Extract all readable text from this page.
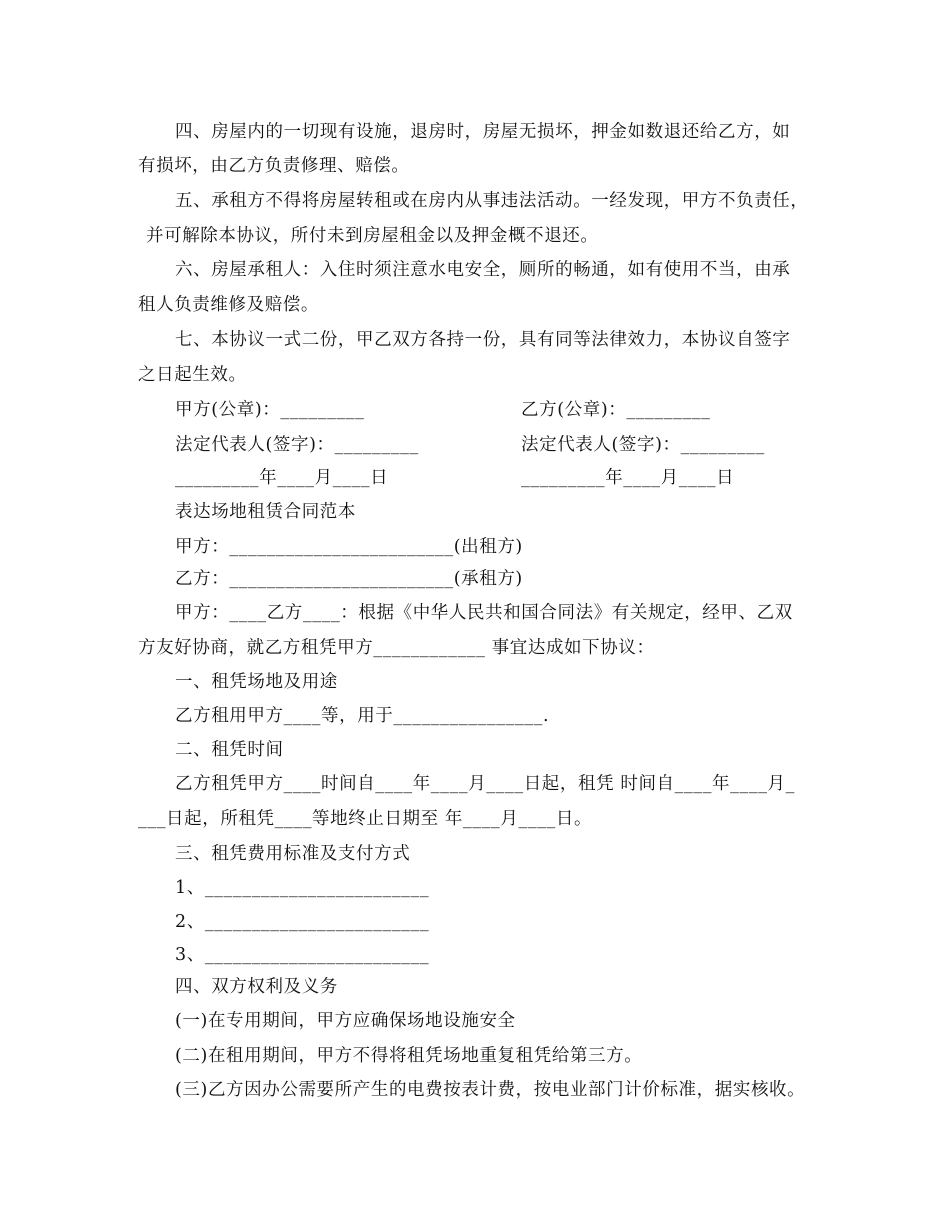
四、房屋内的一切现有设施，退房时，房屋无损坏，押金如数退还给乙方，如
有损坏，由乙方负责修理、赔偿。
五、承租方不得将房屋转租或在房内从事违法活动。一经发现，甲方不负责任，
并可解除本协议，所付未到房屋租金以及押金概不退还。
六、房屋承租人：入住时须注意水电安全，厕所的畅通，如有使用不当，由承
租人负责维修及赔偿。
七、本协议一式二份，甲乙双方各持一份，具有同等法律效力，本协议自签字
之日起生效。
甲方(公章)：_________	乙方(公章)：_________
法定代表人(签字)：_________	法定代表人(签字)：_________
_________年____月____日	_________年____月____日
表达场地租赁合同范本
甲方：________________________(出租方)
乙方：________________________(承租方)
甲方：____乙方____：根据《中华人民共和国合同法》有关规定，经甲、乙双
方友好协商，就乙方租凭甲方____________ 事宜达成如下协议：
一、租凭场地及用途
乙方租用甲方____等，用于________________.
二、租凭时间
乙方租凭甲方____时间自____年____月____日起，租凭 时间自____年____月_
___日起，所租凭____等地终止日期至 年____月____日。
三、租凭费用标准及支付方式
1、________________________
2、________________________
3、________________________
四、双方权利及义务
(一)在专用期间，甲方应确保场地设施安全
(二)在租用期间，甲方不得将租凭场地重复租凭给第三方。
(三)乙方因办公需要所产生的电费按表计费，按电业部门计价标准，据实核收。
